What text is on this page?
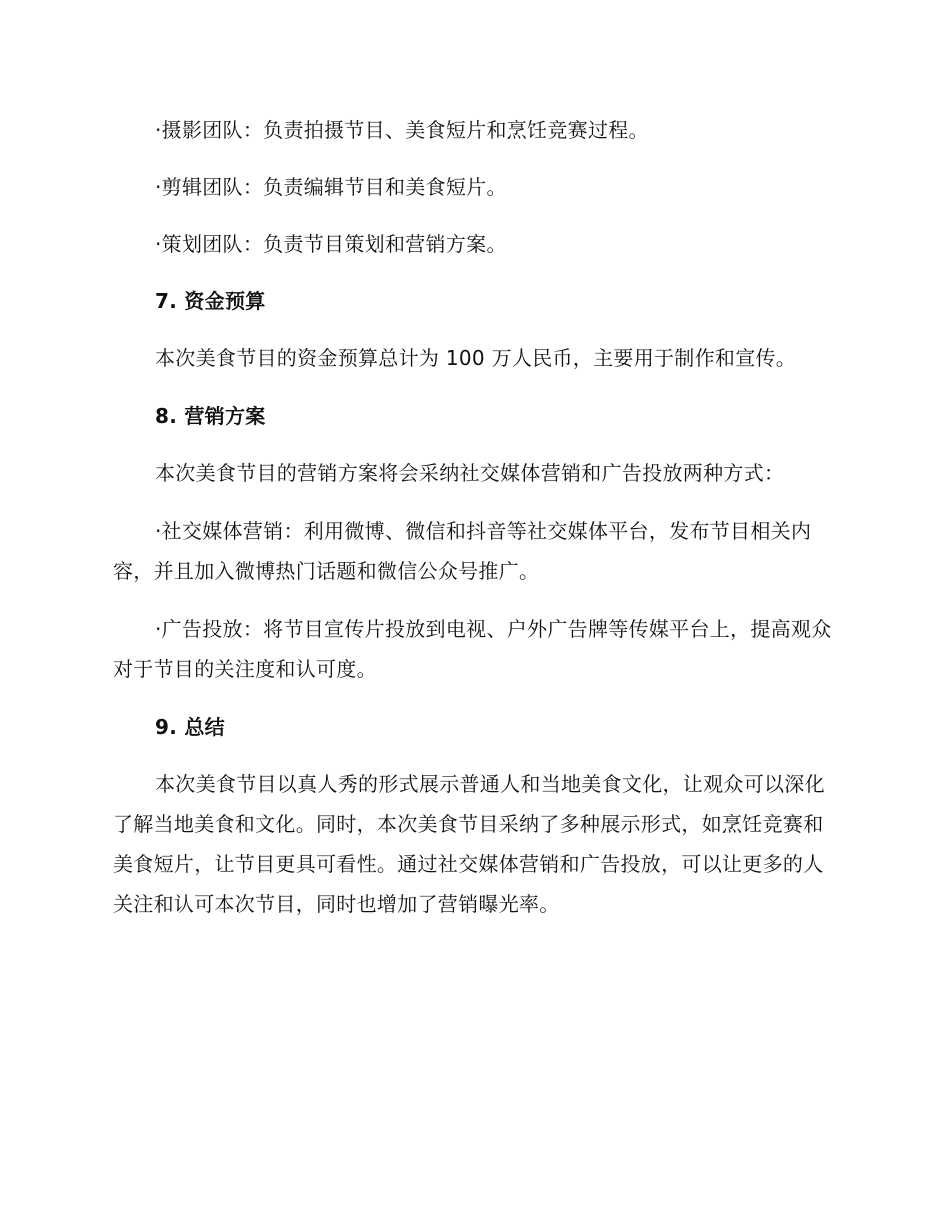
·摄影团队：负责拍摄节目、美食短片和烹饪竞赛过程。

·剪辑团队：负责编辑节目和美食短片。

·策划团队：负责节目策划和营销方案。

7. 资金预算

本次美食节目的资金预算总计为 100 万人民币，主要用于制作和宣传。

8. 营销方案

本次美食节目的营销方案将会采纳社交媒体营销和广告投放两种方式：

·社交媒体营销：利用微博、微信和抖音等社交媒体平台，发布节目相关内容，并且加入微博热门话题和微信公众号推广。

·广告投放：将节目宣传片投放到电视、户外广告牌等传媒平台上，提高观众对于节目的关注度和认可度。

9. 总结

本次美食节目以真人秀的形式展示普通人和当地美食文化，让观众可以深化了解当地美食和文化。同时，本次美食节目采纳了多种展示形式，如烹饪竞赛和美食短片，让节目更具可看性。通过社交媒体营销和广告投放，可以让更多的人关注和认可本次节目，同时也增加了营销曝光率。
